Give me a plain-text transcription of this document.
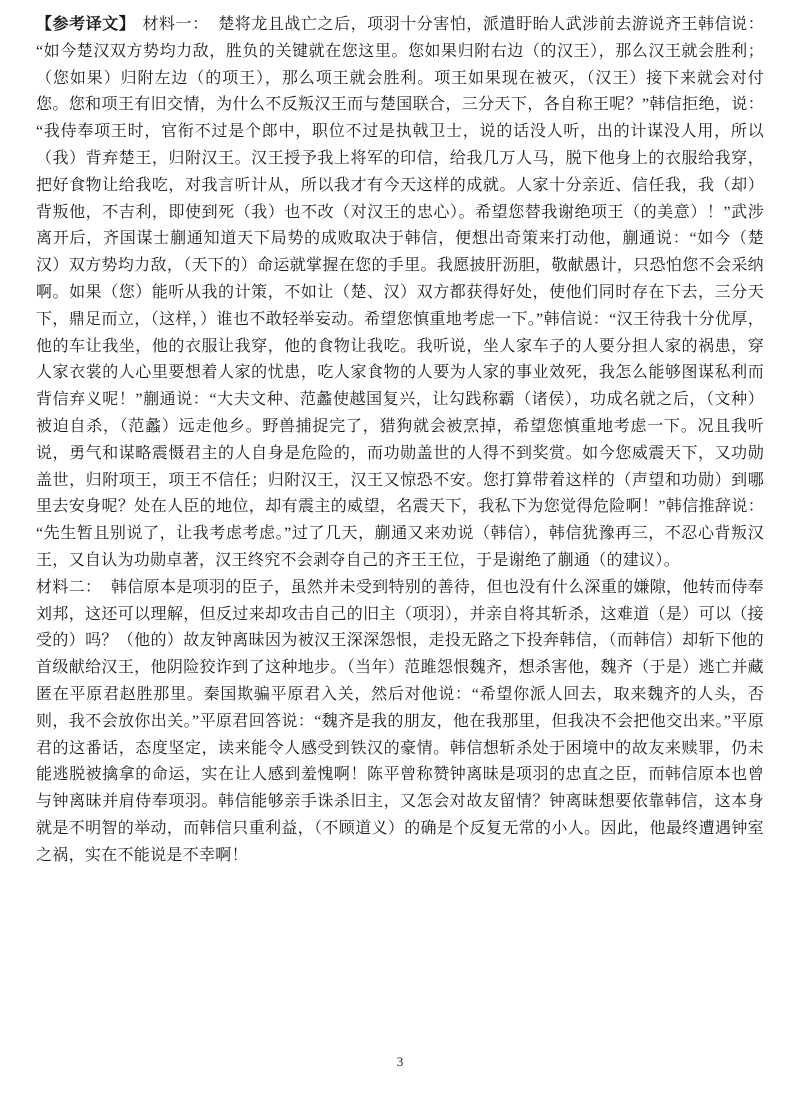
【参考译文】 材料一： 楚将龙且战亡之后，项羽十分害怕，派遣盱眙人武涉前去游说齐王韩信说：“如今楚汉双方势均力敌，胜负的关键就在您这里。您如果归附右边（的汉王），那么汉王就会胜利；（您如果）归附左边（的项王），那么项王就会胜利。项王如果现在被灭，（汉王）接下来就会对付您。您和项王有旧交情，为什么不反叛汉王而与楚国联合，三分天下，各自称王呢？”韩信拒绝，说：“我侍奉项王时，官衔不过是个郎中，职位不过是执戟卫士，说的话没人听，出的计谋没人用，所以（我）背弃楚王，归附汉王。汉王授予我上将军的印信，给我几万人马，脱下他身上的衣服给我穿，把好食物让给我吃，对我言听计从，所以我才有今天这样的成就。人家十分亲近、信任我，我（却）背叛他，不吉利，即使到死（我）也不改（对汉王的忠心）。希望您替我谢绝项王（的美意）！”武涉离开后，齐国谋士蒯通知道天下局势的成败取决于韩信，便想出奇策来打动他，蒯通说：“如今（楚汉）双方势均力敌，（天下的）命运就掌握在您的手里。我愿披肝沥胆，敬献愚计，只恐怕您不会采纳啊。如果（您）能听从我的计策，不如让（楚、汉）双方都获得好处，使他们同时存在下去，三分天下，鼎足而立，（这样，）谁也不敢轻举妄动。希望您慎重地考虑一下。”韩信说：“汉王待我十分优厚，他的车让我坐，他的衣服让我穿，他的食物让我吃。我听说，坐人家车子的人要分担人家的祸患，穿人家衣裳的人心里要想着人家的忧患，吃人家食物的人要为人家的事业效死，我怎么能够图谋私利而背信弃义呢！”蒯通说：“大夫文种、范蠡使越国复兴，让勾践称霸（诸侯），功成名就之后，（文种）被迫自杀，（范蠡）远走他乡。野兽捕捉完了，猎狗就会被烹掉，希望您慎重地考虑一下。况且我听说，勇气和谋略震慑君主的人自身是危险的，而功勋盖世的人得不到奖赏。如今您威震天下，又功勋盖世，归附项王，项王不信任；归附汉王，汉王又惊恐不安。您打算带着这样的（声望和功勋）到哪里去安身呢？处在人臣的地位，却有震主的威望，名震天下，我私下为您觉得危险啊！”韩信推辞说：“先生暂且别说了，让我考虑考虑。”过了几天，蒯通又来劝说（韩信），韩信犹豫再三，不忍心背叛汉王，又自认为功勋卓著，汉王终究不会剥夺自己的齐王王位，于是谢绝了蒯通（的建议）。

材料二： 韩信原本是项羽的臣子，虽然并未受到特别的善待，但也没有什么深重的嫌隙，他转而侍奉刘邦，这还可以理解，但反过来却攻击自己的旧主（项羽），并亲自将其斩杀，这难道（是）可以（接受的）吗？（他的）故友钟离昧因为被汉王深深怨恨，走投无路之下投奔韩信，（而韩信）却斩下他的首级献给汉王，他阴险狡诈到了这种地步。（当年）范雎怨恨魏齐，想杀害他，魏齐（于是）逃亡并藏匿在平原君赵胜那里。秦国欺骗平原君入关，然后对他说：“希望你派人回去，取来魏齐的人头，否则，我不会放你出关。”平原君回答说：“魏齐是我的朋友，他在我那里，但我决不会把他交出来。”平原君的这番话，态度坚定，读来能令人感受到铁汉的豪情。韩信想斩杀处于困境中的故友来赎罪，仍未能逃脱被擒拿的命运，实在让人感到羞愧啊！陈平曾称赞钟离昧是项羽的忠直之臣，而韩信原本也曾与钟离昧并肩侍奉项羽。韩信能够亲手诛杀旧主，又怎会对故友留情？钟离昧想要依靠韩信，这本身就是不明智的举动，而韩信只重利益，（不顾道义）的确是个反复无常的小人。因此，他最终遭遇钟室之祸，实在不能说是不幸啊！

3
